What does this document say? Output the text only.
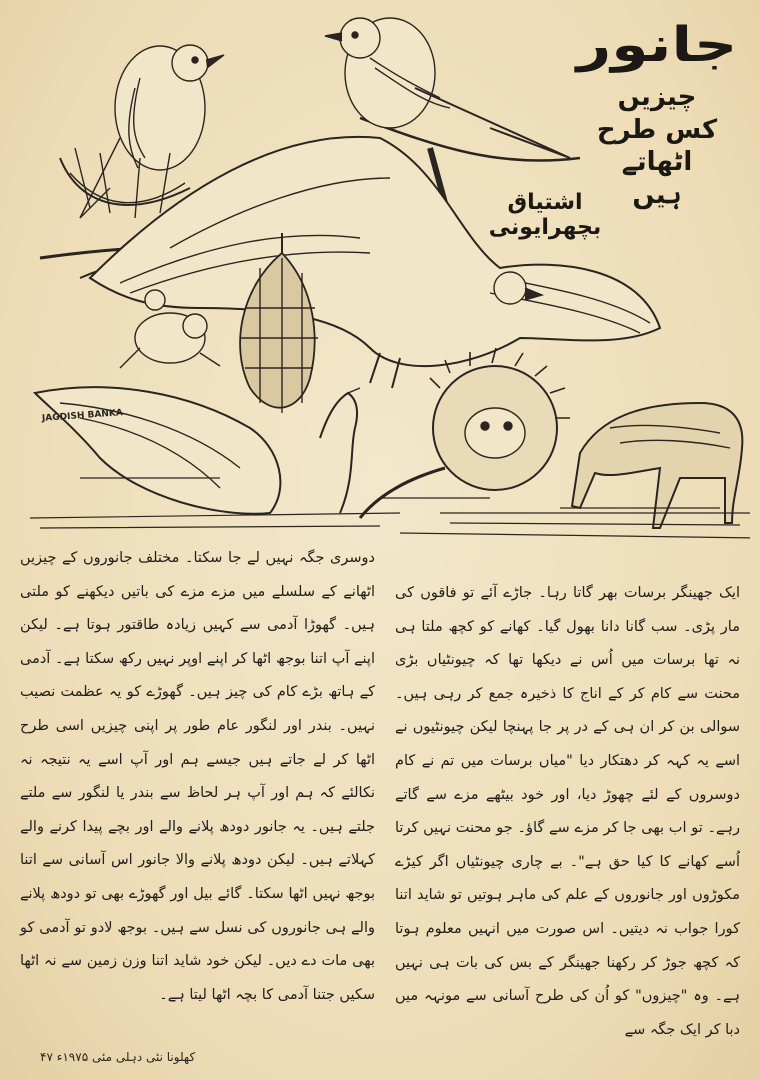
JAGDISH BANKA
جانور
چیزیں
کس طرح
اٹھاتے
ہیں
اشتیاق بچھرایونی

ایک جھینگر برسات بھر گاتا رہا۔ جاڑے آئے تو فاقوں کی مار پڑی۔ سب گانا دانا بھول گیا۔ کھانے کو کچھ ملتا ہی نہ تھا برسات میں اُس نے دیکھا تھا کہ چیونٹیاں بڑی محنت سے کام کر کے اناج کا ذخیرہ جمع کر رہی ہیں۔ سوالی بن کر ان ہی کے در پر جا پہنچا لیکن چیونٹیوں نے اسے یہ کہہ کر دھتکار دیا "میاں برسات میں تم نے کام دوسروں کے لئے چھوڑ دیا، اور خود بیٹھے مزے سے گاتے رہے۔ تو اب بھی جا کر مزے سے گاؤ۔ جو محنت نہیں کرتا اُسے کھانے کا کیا حق ہے"۔ بے چاری چیونٹیاں اگر کیڑے مکوڑوں اور جانوروں کے علم کی ماہر ہوتیں تو شاید اتنا کورا جواب نہ دیتیں۔ اس صورت میں انہیں معلوم ہوتا کہ کچھ جوڑ کر رکھنا جھینگر کے بس کی بات ہی نہیں ہے۔ وہ "چیزوں" کو اُن کی طرح آسانی سے مونہہ میں دبا کر ایک جگہ سے

دوسری جگہ نہیں لے جا سکتا۔ مختلف جانوروں کے چیزیں اٹھانے کے سلسلے میں مزے مزے کی باتیں دیکھنے کو ملتی ہیں۔ گھوڑا آدمی سے کہیں زیادہ طاقتور ہوتا ہے۔ لیکن اپنے آپ اتنا بوجھ اٹھا کر اپنے اوپر نہیں رکھ سکتا ہے۔ آدمی کے ہاتھ بڑے کام کی چیز ہیں۔ گھوڑے کو یہ عظمت نصیب نہیں۔ بندر اور لنگور عام طور پر اپنی چیزیں اسی طرح اٹھا کر لے جاتے ہیں جیسے ہم اور آپ اسے یہ نتیجہ نہ نکالئے کہ ہم اور آپ ہر لحاظ سے بندر یا لنگور سے ملتے جلتے ہیں۔ یہ جانور دودھ پلانے والے اور بچے پیدا کرنے والے کہلاتے ہیں۔ لیکن دودھ پلانے والا جانور اس آسانی سے اتنا بوجھ نہیں اٹھا سکتا۔ گائے بیل اور گھوڑے بھی تو دودھ پلانے والے ہی جانوروں کی نسل سے ہیں۔ بوجھ لادو تو آدمی کو بھی مات دے دیں۔ لیکن خود شاید اتنا وزن زمین سے نہ اٹھا سکیں جتنا آدمی کا بچہ اٹھا لیتا ہے۔

کھلونا نئی دہلی مئی ۱۹۷۵ء ۴۷
